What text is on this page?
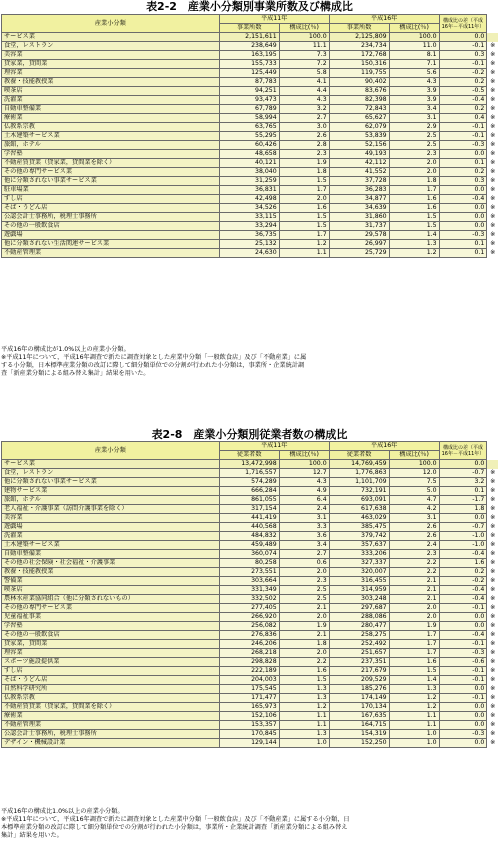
表2-2　産業小分類別事業所数及び構成比
産業小分類	平成11年		平成16年		構成比の差（平成16年－平成11年）	
	事業所数	構成比(％)	事業所数	構成比(％)		
サービス業	2,151,611	100.0	2,125,809	100.0	0.0	
食堂，レストラン	238,649	11.1	234,734	11.0	-0.1	※
美容業	163,195	7.3	172,768	8.1	0.3	※
貸家業，貸間業	155,733	7.2	150,316	7.1	-0.1	※
理容業	125,449	5.8	119,755	5.6	-0.2	※
教養・技能教授業	87,783	4.1	90,402	4.3	0.2	※
喫茶店	94,251	4.4	83,676	3.9	-0.5	※
洗濯業	93,473	4.3	82,398	3.9	-0.4	※
自動車整備業	67,789	3.2	72,843	3.4	0.2	※
療術業	58,994	2.7	65,627	3.1	0.4	※
仏教系宗教	63,765	3.0	62,079	2.9	-0.1	※
土木建築サービス業	55,295	2.6	53,839	2.5	-0.1	※
旅館，ホテル	60,426	2.8	52,156	2.5	-0.3	※
学習塾	48,658	2.3	49,193	2.3	0.0	※
不動産賃貸業（貸家業，貸間業を除く）	40,121	1.9	42,112	2.0	0.1	※
その他の専門サービス業	38,040	1.8	41,552	2.0	0.2	※
他に分類されない事業サービス業	31,259	1.5	37,728	1.8	0.3	※
駐車場業	36,831	1.7	36,283	1.7	0.0	※
すし店	42,498	2.0	34,877	1.6	-0.4	※
そば・うどん店	34,526	1.6	34,639	1.6	0.0	※
公認会計士事務所，税理士事務所	33,115	1.5	31,860	1.5	0.0	※
その他の一般飲食店	33,294	1.5	31,737	1.5	0.0	※
遊戯場	36,735	1.7	29,578	1.4	-0.3	※
他に分類されない生活関連サービス業	25,132	1.2	26,997	1.3	0.1	※
不動産管理業	24,630	1.1	25,729	1.2	0.1	※
平成16年の構成比が1.0%以上の産業小分類。
※平成11年について，平成16年調査で新たに調査対象とした産業中分類「一般飲食店」及び「不動産業」に属
する小分類，日本標準産業分類の改訂に際して細分類単位での分割が行われた小分類は，事業所・企業統計調
査「新産業分類による組み替え集計」結果を用いた。
表2-8　産業小分類別従業者数の構成比
産業小分類	平成11年		平成16年		構成比の差（平成16年－平成11年）	
	従業者数	構成比(％)	従業者数	構成比(％)		
サービス業	13,472,998	100.0	14,769,459	100.0	0.0	
食堂，レストラン	1,716,557	12.7	1,776,863	12.0	-0.7	※
他に分類されない事業サービス業	574,289	4.3	1,101,709	7.5	3.2	※
建物サービス業	666,284	4.9	732,191	5.0	0.1	※
旅館，ホテル	861,055	6.4	693,091	4.7	-1.7	※
老人福祉・介護事業（訪問介護事業を除く）	317,154	2.4	617,638	4.2	1.8	※
美容業	441,419	3.1	463,029	3.1	0.0	※
遊戯場	440,568	3.3	385,475	2.6	-0.7	※
洗濯業	484,832	3.6	379,742	2.6	-1.0	※
土木建築サービス業	459,489	3.4	357,637	2.4	-1.0	※
自動車整備業	360,074	2.7	333,206	2.3	-0.4	※
その他の社会保険・社会福祉・介護事業	80,258	0.6	327,337	2.2	1.6	※
教養・技能教授業	273,551	2.0	320,007	2.2	0.2	※
警備業	303,664	2.3	316,455	2.1	-0.2	※
喫茶店	331,349	2.5	314,959	2.1	-0.4	※
農林水産業協同組合（他に分類されないもの）	332,502	2.5	303,248	2.1	-0.4	※
その他の専門サービス業	277,405	2.1	297,687	2.0	-0.1	※
児童福祉事業	266,920	2.0	288,086	2.0	0.0	※
学習塾	256,082	1.9	280,477	1.9	0.0	※
その他の一般飲食店	276,836	2.1	258,275	1.7	-0.4	※
貸家業，貸間業	246,206	1.8	252,492	1.7	-0.1	※
理容業	268,218	2.0	251,657	1.7	-0.3	※
スポーツ施設提供業	298,828	2.2	237,351	1.6	-0.6	※
すし店	222,189	1.6	217,679	1.5	-0.1	※
そば・うどん店	204,003	1.5	209,529	1.4	-0.1	※
自然科学研究所	175,545	1.3	185,276	1.3	0.0	※
仏教系宗教	171,477	1.3	174,149	1.2	-0.1	※
不動産賃貸業（貸家業，貸間業を除く）	165,973	1.2	170,134	1.2	0.0	※
療術業	152,106	1.1	167,635	1.1	0.0	※
不動産管理業	153,357	1.1	164,715	1.1	0.0	※
公認会計士事務所，税理士事務所	170,845	1.3	154,319	1.0	-0.3	※
デザイン・機械設計業	129,144	1.0	152,250	1.0	0.0	※
平成16年の構成比1.0%以上の産業小分類。
※平成11年について，平成16年調査で新たに調査対象とした産業中分類「一般飲食店」及び「不動産業」に属する小分類，日
本標準産業分類の改訂に際して細分類単位での分割が行われた小分類は，事業所・企業統計調査「新産業分類による組み替え
集計」結果を用いた。
